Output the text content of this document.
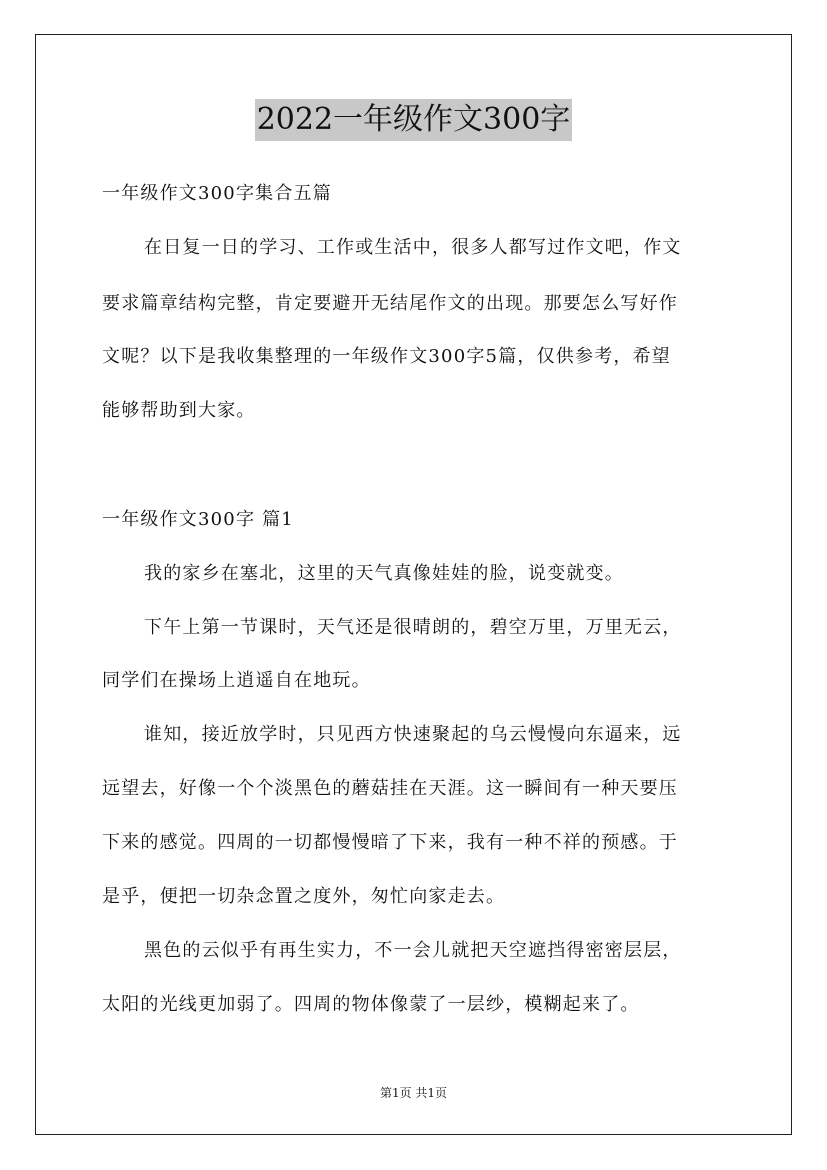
2022一年级作文300字
一年级作文300字集合五篇
在日复一日的学习、工作或生活中，很多人都写过作文吧，作文
要求篇章结构完整，肯定要避开无结尾作文的出现。那要怎么写好作
文呢？以下是我收集整理的一年级作文300字5篇，仅供参考，希望
能够帮助到大家。
一年级作文300字 篇1
我的家乡在塞北，这里的天气真像娃娃的脸，说变就变。
下午上第一节课时，天气还是很晴朗的，碧空万里，万里无云，
同学们在操场上逍遥自在地玩。
谁知，接近放学时，只见西方快速聚起的乌云慢慢向东逼来，远
远望去，好像一个个淡黑色的蘑菇挂在天涯。这一瞬间有一种天要压
下来的感觉。四周的一切都慢慢暗了下来，我有一种不祥的预感。于
是乎，便把一切杂念置之度外，匆忙向家走去。
黑色的云似乎有再生实力，不一会儿就把天空遮挡得密密层层，
太阳的光线更加弱了。四周的物体像蒙了一层纱，模糊起来了。
第1页 共1页
